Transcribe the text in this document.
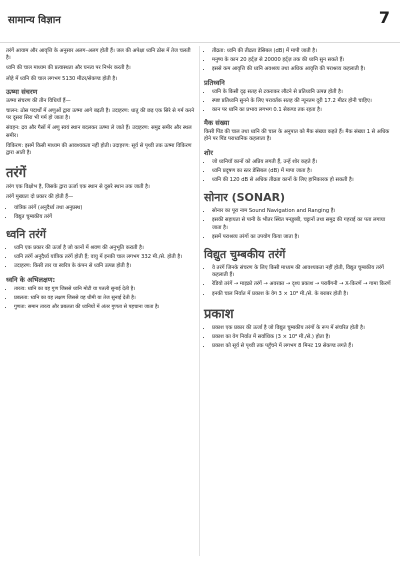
सामान्य विज्ञान	7

तरंगें आयाम और आवृत्ति के अनुसार अलग–अलग होती हैं। जल की अपेक्षा ध्वनि ठोस में तेज चलती है।

ध्वनि की चाल माध्यम की प्रत्यास्थता और घनत्व पर निर्भर करती है।

लोहे में ध्वनि की चाल लगभग 5130 मीटर/सेकण्ड होती है।

ऊष्मा संचरण

ऊष्मा संचरण की तीन विधियाँ हैं—

चालन: ठोस पदार्थों में अणुओं द्वारा ऊष्मा आगे बढ़ती है। उदाहरण: धातु की छड़ एक सिरे से गर्म करने पर दूसरा सिरा भी गर्म हो जाता है।

संवहन: द्रव और गैसों में अणु स्वयं स्थान बदलकर ऊष्मा ले जाते हैं। उदाहरण: समुद्र समीर और स्थल समीर।

विकिरण: इसमें किसी माध्यम की आवश्यकता नहीं होती। उदाहरण: सूर्य से पृथ्वी तक ऊष्मा विकिरण द्वारा आती है।

तरंगें

तरंग एक विक्षोभ है, जिसके द्वारा ऊर्जा एक स्थान से दूसरे स्थान तक जाती है।

तरंगें मुख्यतः दो प्रकार की होती हैं—

• यांत्रिक तरंगें (अनुदैर्ध्य तथा अनुप्रस्थ)
• विद्युत चुम्बकीय तरंगें
ध्वनि तरंगें
• ध्वनि एक प्रकार की ऊर्जा है जो कानों में श्रवण की अनुभूति कराती है।
• ध्वनि तरंगें अनुदैर्ध्य यांत्रिक तरंगें होती हैं; वायु में इनकी चाल लगभग 332 मी./से. होती है।
• उदाहरण: किसी तार या स्वरित्र के कंपन से ध्वनि उत्पन्न होती है।
ध्वनि के अभिलक्षण:
• तारत्व: ध्वनि का वह गुण जिससे ध्वनि मोटी या पतली सुनाई देती है।
• प्रबलता: ध्वनि का वह लक्षण जिससे वह धीमी या तेज सुनाई देती है।
• गुणता: समान तारत्व और प्रबलता की ध्वनियों में अंतर गुणता से पहचाना जाता है।
• तीव्रता: ध्वनि की तीव्रता डेसिबल (dB) में मापी जाती है।
• मनुष्य के कान 20 हर्ट्ज़ से 20000 हर्ट्ज़ तक की ध्वनि सुन सकते हैं।
• इससे कम आवृत्ति की ध्वनि अवश्रव्य तथा अधिक आवृत्ति की पराश्रव्य कहलाती है।
प्रतिध्वनि
• ध्वनि के किसी दृढ़ सतह से टकराकर लौटने से प्रतिध्वनि उत्पन्न होती है।
• स्पष्ट प्रतिध्वनि सुनने के लिए परावर्तक सतह की न्यूनतम दूरी 17.2 मीटर होनी चाहिए।
• कान पर ध्वनि का प्रभाव लगभग 0.1 सेकण्ड तक रहता है।
मैक संख्या

किसी पिंड की चाल तथा ध्वनि की चाल के अनुपात को मैक संख्या कहते हैं। मैक संख्या 1 से अधिक होने पर पिंड पराध्वनिक कहलाता है।

शोर
• जो ध्वनियाँ कानों को अप्रिय लगती हैं, उन्हें शोर कहते हैं।
• ध्वनि प्रदूषण का स्तर डेसिबल (dB) में मापा जाता है।
• ध्वनि की 120 dB से अधिक तीव्रता कानों के लिए हानिकारक हो सकती है।
सोनार (SONAR)
• सोनार का पूरा नाम Sound Navigation and Ranging है।
• इसकी सहायता से पानी के भीतर स्थित पनडुब्बी, चट्टानों तथा समुद्र की गहराई का पता लगाया जाता है।
• इसमें पराश्रव्य तरंगों का उपयोग किया जाता है।
विद्युत चुम्बकीय तरंगें
• वे तरंगें जिनके संचरण के लिए किसी माध्यम की आवश्यकता नहीं होती, विद्युत चुम्बकीय तरंगें कहलाती हैं।
• रेडियो तरंगें → माइक्रो तरंगें → अवरक्त → दृश्य प्रकाश → पराबैंगनी → X-किरणें → गामा किरणें
• इनकी चाल निर्वात में प्रकाश के वेग 3 × 10⁸ मी./से. के बराबर होती है।
प्रकाश
• प्रकाश एक प्रकार की ऊर्जा है जो विद्युत चुम्बकीय तरंगों के रूप में संचरित होती है।
• प्रकाश का वेग निर्वात में सर्वाधिक (3 × 10⁸ मी./से.) होता है।
• प्रकाश को सूर्य से पृथ्वी तक पहुँचने में लगभग 8 मिनट 19 सेकण्ड लगते हैं।
